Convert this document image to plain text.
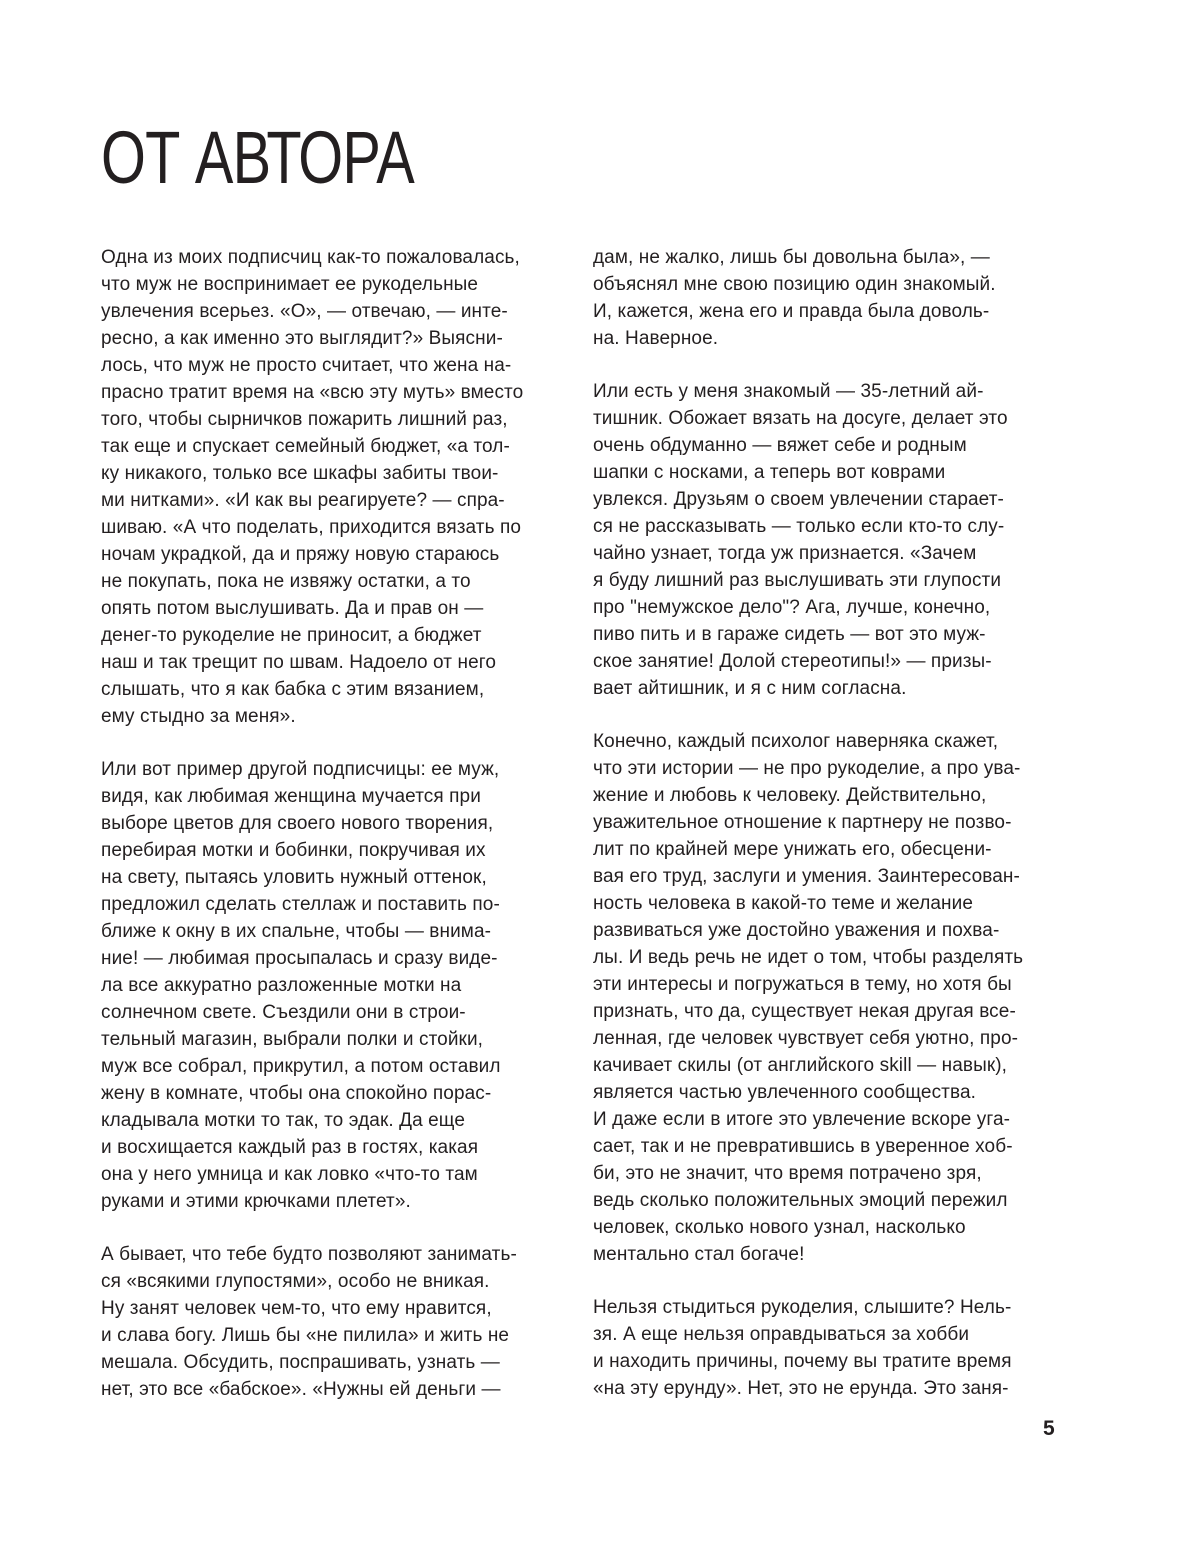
ОТ АВТОРА
Одна из моих подписчиц как-то пожаловалась,
что муж не воспринимает ее рукодельные
увлечения всерьез. «О», — отвечаю, — инте-
ресно, а как именно это выглядит?» Выясни-
лось, что муж не просто считает, что жена на-
прасно тратит время на «всю эту муть» вместо
того, чтобы сырничков пожарить лишний раз,
так еще и спускает семейный бюджет, «а тол-
ку никакого, только все шкафы забиты твои-
ми нитками». «И как вы реагируете? — спра-
шиваю. «А что поделать, приходится вязать по
ночам украдкой, да и пряжу новую стараюсь
не покупать, пока не извяжу остатки, а то
опять потом выслушивать. Да и прав он —
денег-то рукоделие не приносит, а бюджет
наш и так трещит по швам. Надоело от него
слышать, что я как бабка с этим вязанием,
ему стыдно за меня».
Или вот пример другой подписчицы: ее муж,
видя, как любимая женщина мучается при
выборе цветов для своего нового творения,
перебирая мотки и бобинки, покручивая их
на свету, пытаясь уловить нужный оттенок,
предложил сделать стеллаж и поставить по-
ближе к окну в их спальне, чтобы — внима-
ние! — любимая просыпалась и сразу виде-
ла все аккуратно разложенные мотки на
солнечном свете. Съездили они в строи-
тельный магазин, выбрали полки и стойки,
муж все собрал, прикрутил, а потом оставил
жену в комнате, чтобы она спокойно порас-
кладывала мотки то так, то эдак. Да еще
и восхищается каждый раз в гостях, какая
она у него умница и как ловко «что-то там
руками и этими крючками плетет».
А бывает, что тебе будто позволяют занимать-
ся «всякими глупостями», особо не вникая.
Ну занят человек чем-то, что ему нравится,
и слава богу. Лишь бы «не пилила» и жить не
мешала. Обсудить, поспрашивать, узнать —
нет, это все «бабское». «Нужны ей деньги —
дам, не жалко, лишь бы довольна была», —
объяснял мне свою позицию один знакомый.
И, кажется, жена его и правда была доволь-
на. Наверное.
Или есть у меня знакомый — 35-летний ай-
тишник. Обожает вязать на досуге, делает это
очень обдуманно — вяжет себе и родным
шапки с носками, а теперь вот коврами
увлекся. Друзьям о своем увлечении старает-
ся не рассказывать — только если кто-то слу-
чайно узнает, тогда уж признается. «Зачем
я буду лишний раз выслушивать эти глупости
про "немужское дело"? Ага, лучше, конечно,
пиво пить и в гараже сидеть — вот это муж-
ское занятие! Долой стереотипы!» — призы-
вает айтишник, и я с ним согласна.
Конечно, каждый психолог наверняка скажет,
что эти истории — не про рукоделие, а про ува-
жение и любовь к человеку. Действительно,
уважительное отношение к партнеру не позво-
лит по крайней мере унижать его, обесцени-
вая его труд, заслуги и умения. Заинтересован-
ность человека в какой-то теме и желание
развиваться уже достойно уважения и похва-
лы. И ведь речь не идет о том, чтобы разделять
эти интересы и погружаться в тему, но хотя бы
признать, что да, существует некая другая все-
ленная, где человек чувствует себя уютно, про-
качивает скилы (от английского skill — навык),
является частью увлеченного сообщества.
И даже если в итоге это увлечение вскоре уга-
сает, так и не превратившись в уверенное хоб-
би, это не значит, что время потрачено зря,
ведь сколько положительных эмоций пережил
человек, сколько нового узнал, насколько
ментально стал богаче!
Нельзя стыдиться рукоделия, слышите? Нель-
зя. А еще нельзя оправдываться за хобби
и находить причины, почему вы тратите время
«на эту ерунду». Нет, это не ерунда. Это заня-
5
